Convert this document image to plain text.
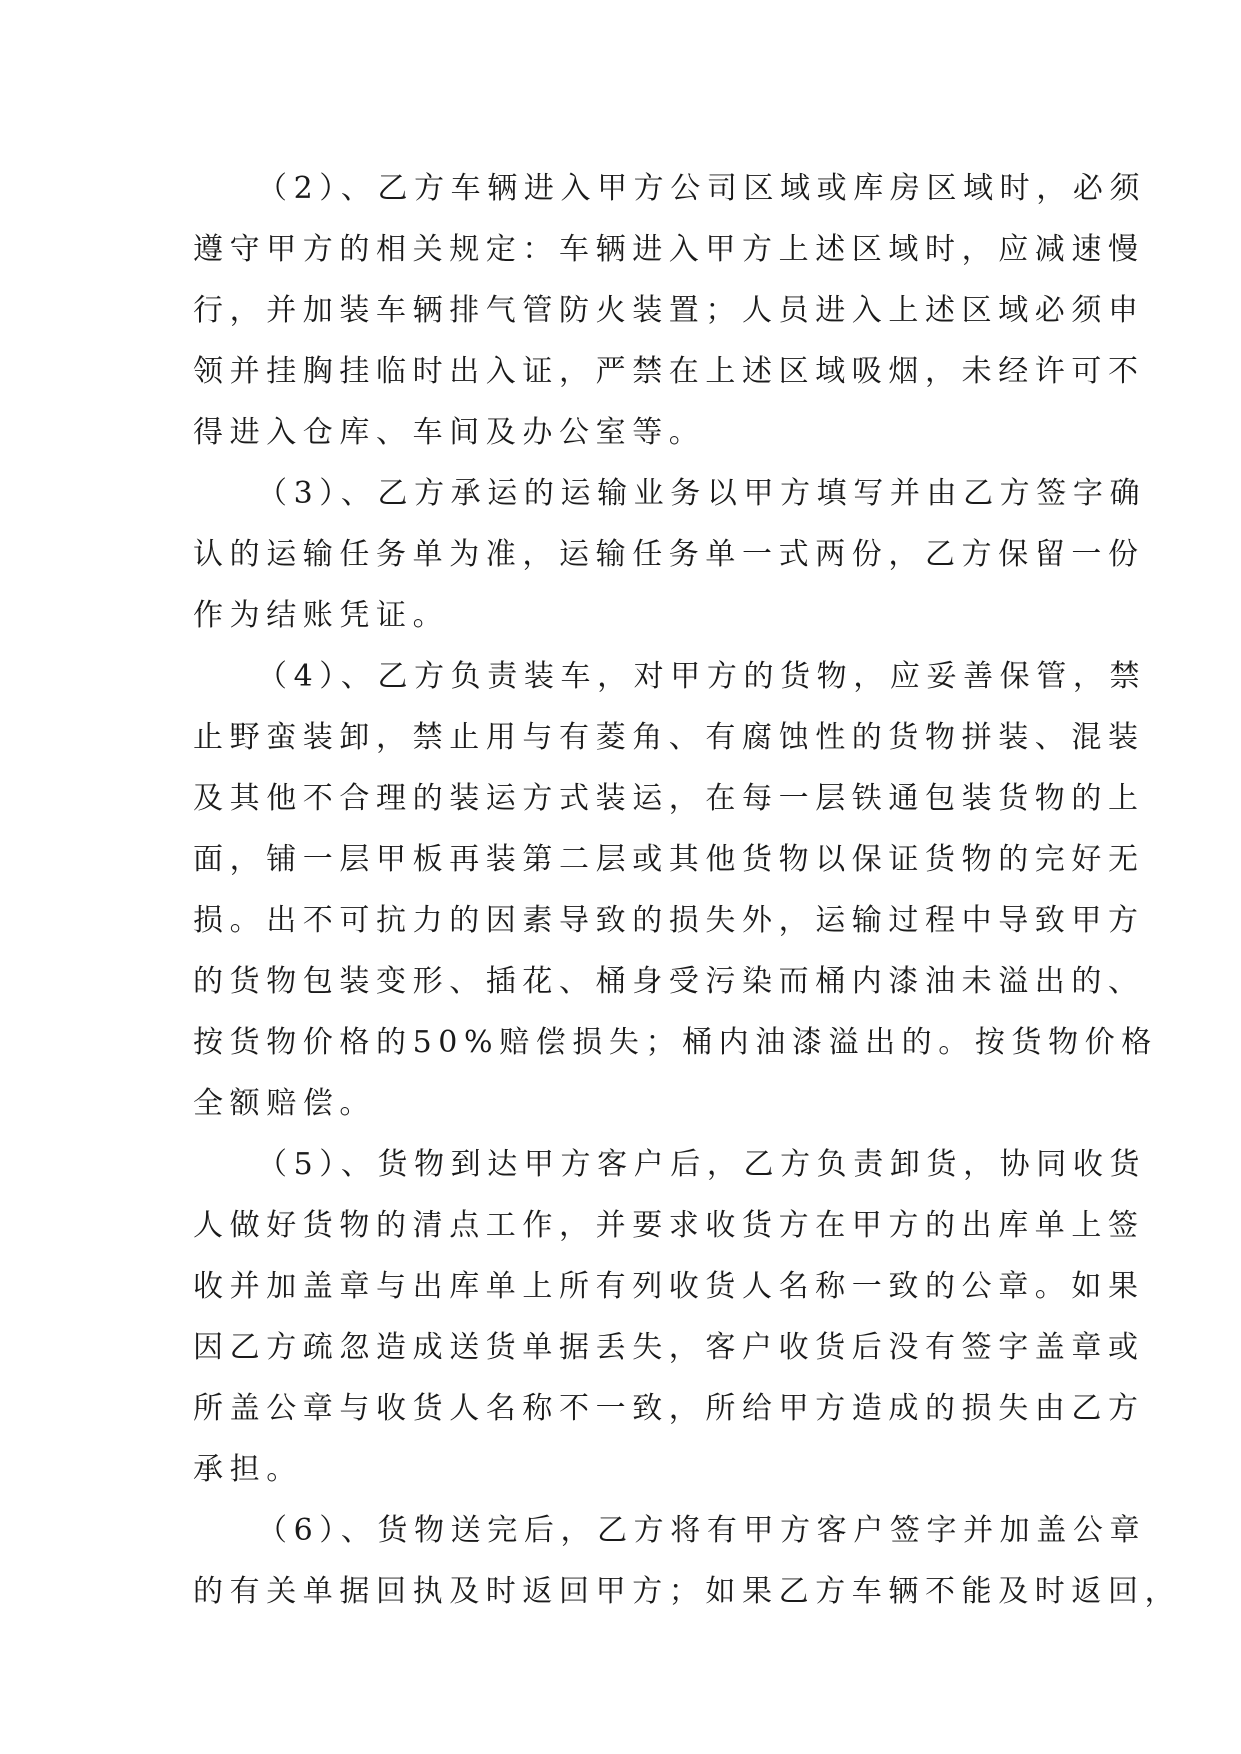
（2）、乙方车辆进入甲方公司区域或库房区域时，必须
遵守甲方的相关规定：车辆进入甲方上述区域时，应减速慢
行，并加装车辆排气管防火装置；人员进入上述区域必须申
领并挂胸挂临时出入证，严禁在上述区域吸烟，未经许可不
得进入仓库、车间及办公室等。
（3）、乙方承运的运输业务以甲方填写并由乙方签字确
认的运输任务单为准，运输任务单一式两份，乙方保留一份
作为结账凭证。
（4）、乙方负责装车，对甲方的货物，应妥善保管，禁
止野蛮装卸，禁止用与有菱角、有腐蚀性的货物拼装、混装
及其他不合理的装运方式装运，在每一层铁通包装货物的上
面，铺一层甲板再装第二层或其他货物以保证货物的完好无
损。出不可抗力的因素导致的损失外，运输过程中导致甲方
的货物包装变形、插花、桶身受污染而桶内漆油未溢出的、
按货物价格的50%赔偿损失；桶内油漆溢出的。按货物价格
全额赔偿。
（5）、货物到达甲方客户后，乙方负责卸货，协同收货
人做好货物的清点工作，并要求收货方在甲方的出库单上签
收并加盖章与出库单上所有列收货人名称一致的公章。如果
因乙方疏忽造成送货单据丢失，客户收货后没有签字盖章或
所盖公章与收货人名称不一致，所给甲方造成的损失由乙方
承担。
（6）、货物送完后，乙方将有甲方客户签字并加盖公章
的有关单据回执及时返回甲方；如果乙方车辆不能及时返回，
